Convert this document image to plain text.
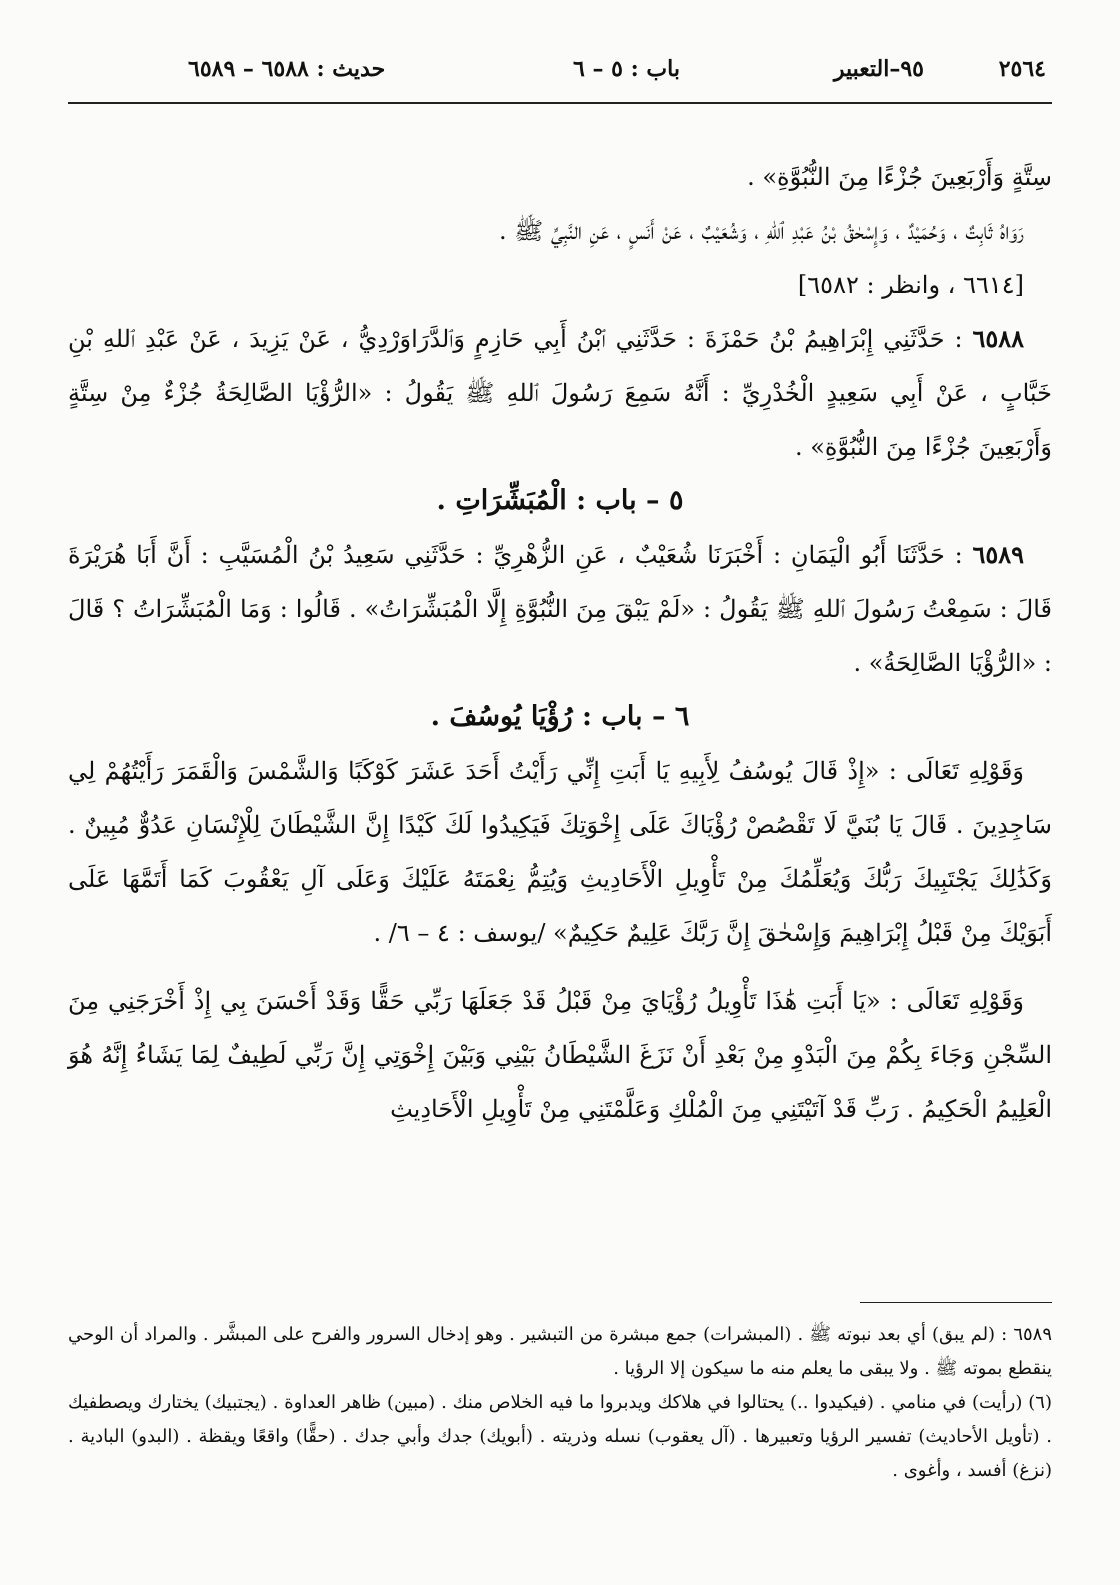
٢٥٦٤
٩٥–التعبير
باب : ٥ – ٦
حديث : ٦٥٨٨ – ٦٥٨٩

سِتَّةٍ وَأَرْبَعِينَ جُزْءًا مِنَ النُّبُوَّةِ» .

رَوَاهُ ثَابِتٌ ، وَحُمَيْدٌ ، وَإِسْحٰقُ بْنُ عَبْدِ ٱللهِ ، وَشُعَيْبٌ ، عَنْ أَنَسٍ ، عَنِ النَّبِيِّ ﷺ .

[٦٦١٤ ، وانظر : ٦٥٨٢]

٦٥٨٨ : حَدَّثَنِي إِبْرَاهِيمُ بْنُ حَمْزَةَ : حَدَّثَنِي ٱبْنُ أَبِي حَازِمٍ وَٱلدَّرَاوَرْدِيُّ ، عَنْ يَزِيدَ ، عَنْ عَبْدِ ٱللهِ بْنِ خَبَّابٍ ، عَنْ أَبِي سَعِيدٍ الْخُدْرِيِّ : أَنَّهُ سَمِعَ رَسُولَ ٱللهِ ﷺ يَقُولُ : «الرُّؤْيَا الصَّالِحَةُ جُزْءٌ مِنْ سِتَّةٍ وَأَرْبَعِينَ جُزْءًا مِنَ النُّبُوَّةِ» .

٥ – باب : الْمُبَشِّرَاتِ .

٦٥٨٩ : حَدَّثَنَا أَبُو الْيَمَانِ : أَخْبَرَنَا شُعَيْبٌ ، عَنِ الزُّهْرِيِّ : حَدَّثَنِي سَعِيدُ بْنُ الْمُسَيَّبِ : أَنَّ أَبَا هُرَيْرَةَ قَالَ : سَمِعْتُ رَسُولَ ٱللهِ ﷺ يَقُولُ : «لَمْ يَبْقَ مِنَ النُّبُوَّةِ إِلَّا الْمُبَشِّرَاتُ» . قَالُوا : وَمَا الْمُبَشِّرَاتُ ؟ قَالَ : «الرُّؤْيَا الصَّالِحَةُ» .

٦ – باب : رُؤْيَا يُوسُفَ .

وَقَوْلِهِ تَعَالَى : «إِذْ قَالَ يُوسُفُ لِأَبِيهِ يَا أَبَتِ إِنِّي رَأَيْتُ أَحَدَ عَشَرَ كَوْكَبًا وَالشَّمْسَ وَالْقَمَرَ رَأَيْتُهُمْ لِي سَاجِدِينَ . قَالَ يَا بُنَيَّ لَا تَقْصُصْ رُؤْيَاكَ عَلَى إِخْوَتِكَ فَيَكِيدُوا لَكَ كَيْدًا إِنَّ الشَّيْطَانَ لِلْإِنْسَانِ عَدُوٌّ مُبِينٌ . وَكَذَٰلِكَ يَجْتَبِيكَ رَبُّكَ وَيُعَلِّمُكَ مِنْ تَأْوِيلِ الْأَحَادِيثِ وَيُتِمُّ نِعْمَتَهُ عَلَيْكَ وَعَلَى آلِ يَعْقُوبَ كَمَا أَتَمَّهَا عَلَى أَبَوَيْكَ مِنْ قَبْلُ إِبْرَاهِيمَ وَإِسْحٰقَ إِنَّ رَبَّكَ عَلِيمٌ حَكِيمٌ» /يوسف : ٤ – ٦/ .

وَقَوْلِهِ تَعَالَى : «يَا أَبَتِ هَٰذَا تَأْوِيلُ رُؤْيَايَ مِنْ قَبْلُ قَدْ جَعَلَهَا رَبِّي حَقًّا وَقَدْ أَحْسَنَ بِي إِذْ أَخْرَجَنِي مِنَ السِّجْنِ وَجَاءَ بِكُمْ مِنَ الْبَدْوِ مِنْ بَعْدِ أَنْ نَزَغَ الشَّيْطَانُ بَيْنِي وَبَيْنَ إِخْوَتِي إِنَّ رَبِّي لَطِيفٌ لِمَا يَشَاءُ إِنَّهُ هُوَ الْعَلِيمُ الْحَكِيمُ . رَبِّ قَدْ آتَيْتَنِي مِنَ الْمُلْكِ وَعَلَّمْتَنِي مِنْ تَأْوِيلِ الْأَحَادِيثِ

٦٥٨٩ : (لم يبق) أي بعد نبوته ﷺ . (المبشرات) جمع مبشرة من التبشير . وهو إدخال السرور والفرح على المبشَّر . والمراد أن الوحي ينقطع بموته ﷺ . ولا يبقى ما يعلم منه ما سيكون إلا الرؤيا .

(٦) (رأيت) في منامي . (فيكيدوا ..) يحتالوا في هلاكك ويدبروا ما فيه الخلاص منك . (مبين) ظاهر العداوة . (يجتبيك) يختارك ويصطفيك . (تأويل الأحاديث) تفسير الرؤيا وتعبيرها . (آل يعقوب) نسله وذريته . (أبويك) جدك وأبي جدك . (حقًّا) واقعًا ويقظة . (البدو) البادية . (نزغ) أفسد ، وأغوى .
